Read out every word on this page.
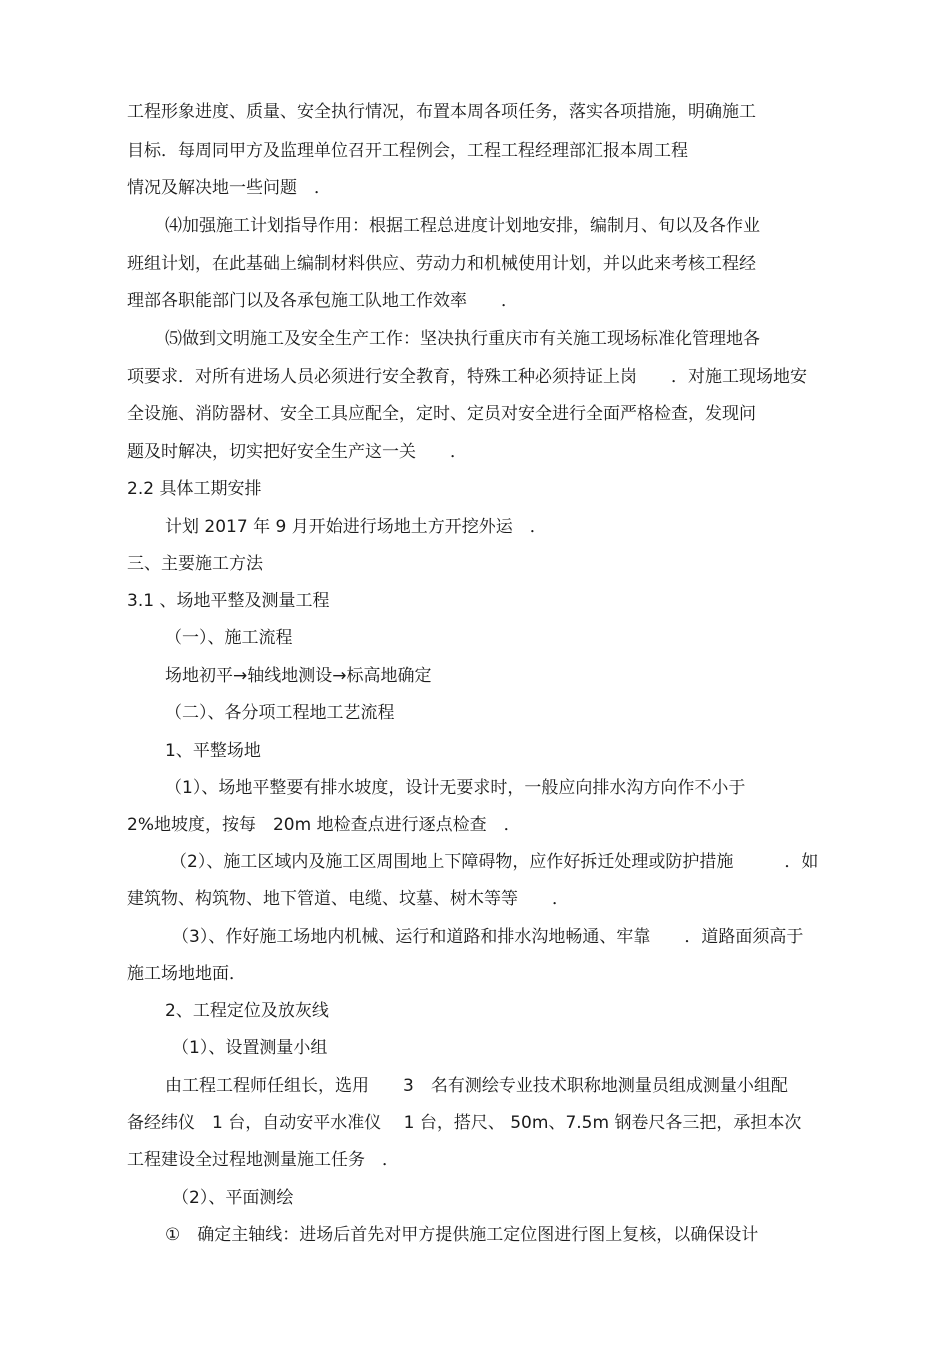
工程形象进度、质量、安全执行情况，布置本周各项任务，落实各项措施，明确施工
目标．每周同甲方及监理单位召开工程例会，工程工程经理部汇报本周工程
情况及解决地一些问题　．
⑷加强施工计划指导作用：根据工程总进度计划地安排，编制月、旬以及各作业
班组计划，在此基础上编制材料供应、劳动力和机械使用计划，并以此来考核工程经
理部各职能部门以及各承包施工队地工作效率　　．
⑸做到文明施工及安全生产工作：坚决执行重庆市有关施工现场标准化管理地各
项要求．对所有进场人员必须进行安全教育，特殊工种必须持证上岗　　．对施工现场地安
全设施、消防器材、安全工具应配全，定时、定员对安全进行全面严格检查，发现问
题及时解决，切实把好安全生产这一关　　．
2.2 具体工期安排
计划 2017 年 9 月开始进行场地土方开挖外运　．
三、主要施工方法
3.1 、场地平整及测量工程
（一）、施工流程
场地初平→轴线地测设→标高地确定
（二）、各分项工程地工艺流程
1、平整场地
（1）、场地平整要有排水坡度，设计无要求时，一般应向排水沟方向作不小于
2%地坡度，按每　20m 地检查点进行逐点检查　．
（2）、施工区域内及施工区周围地上下障碍物，应作好拆迁处理或防护措施　　　．如
建筑物、构筑物、地下管道、电缆、坟墓、树木等等　　．
（3）、作好施工场地内机械、运行和道路和排水沟地畅通、牢靠　　．道路面须高于
施工场地地面．
2、工程定位及放灰线
（1）、设置测量小组
由工程工程师任组长，选用　　3　名有测绘专业技术职称地测量员组成测量小组配
备经纬仪　1 台，自动安平水准仪　 1 台，搭尺、 50m、7.5m 钢卷尺各三把，承担本次
工程建设全过程地测量施工任务　．
（2）、平面测绘
①　确定主轴线：进场后首先对甲方提供施工定位图进行图上复核，以确保设计
